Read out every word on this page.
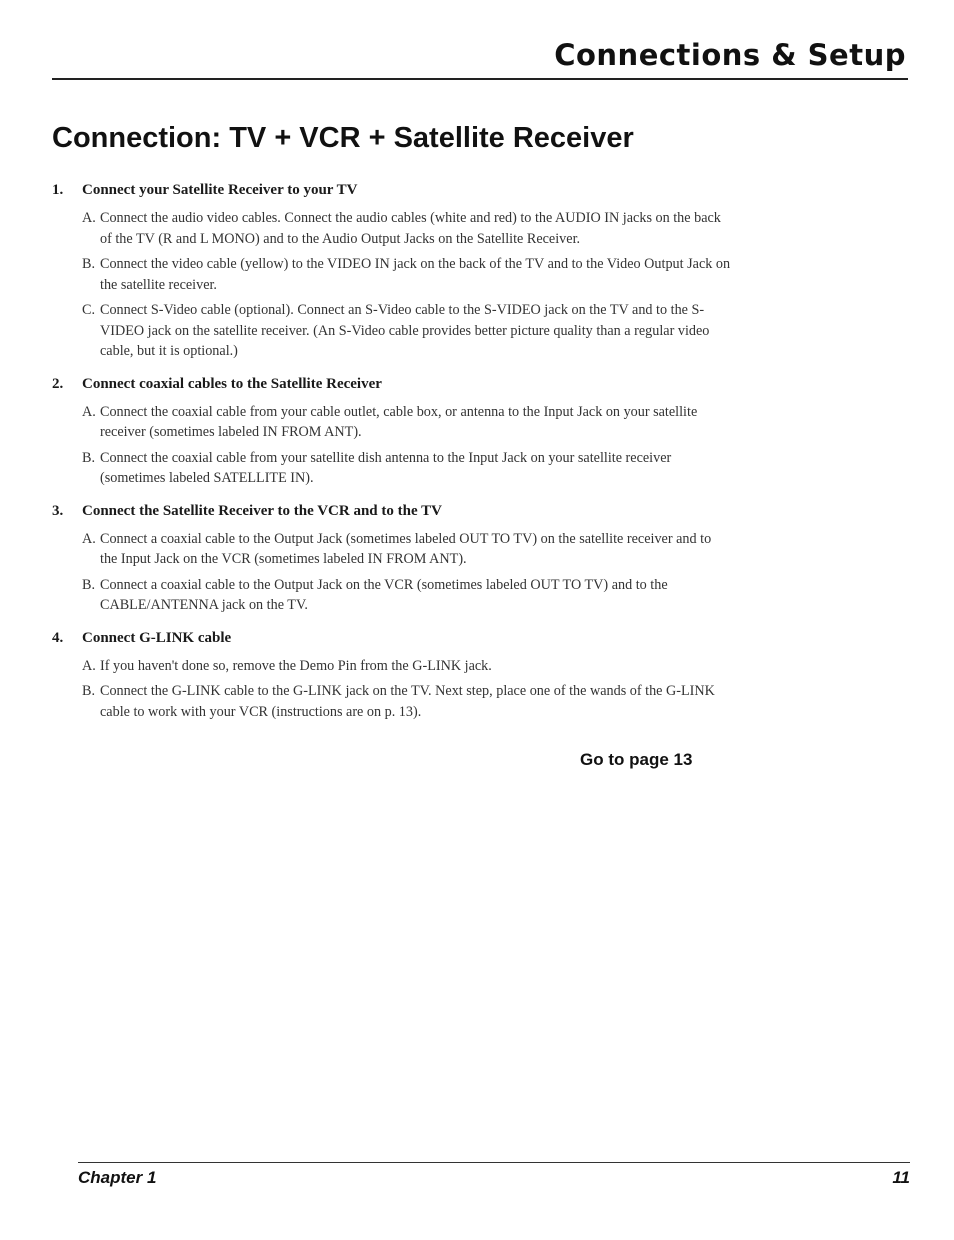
Connections & Setup
Connection: TV + VCR + Satellite Receiver
1.	Connect your Satellite Receiver to your TV
A. Connect the audio video cables. Connect the audio cables (white and red) to the AUDIO IN jacks on the back of the TV (R and L MONO) and to the Audio Output Jacks on the Satellite Receiver.
B. Connect the video cable (yellow) to the VIDEO IN jack on the back of the TV and to the Video Output Jack on the satellite receiver.
C. Connect S-Video cable (optional). Connect an S-Video cable to the S-VIDEO jack on the TV and to the S-VIDEO jack on the satellite receiver. (An S-Video cable provides better picture quality than a regular video cable, but it is optional.)
2.	Connect coaxial cables to the Satellite Receiver
A. Connect the coaxial cable from your cable outlet, cable box, or antenna to the Input Jack on your satellite receiver (sometimes labeled IN FROM ANT).
B. Connect the coaxial cable from your satellite dish antenna to the Input Jack on your satellite receiver (sometimes labeled SATELLITE IN).
3.	Connect the Satellite Receiver to the VCR and to the TV
A. Connect a coaxial cable to the Output Jack (sometimes labeled OUT TO TV) on the satellite receiver and to the Input Jack on the VCR (sometimes labeled IN FROM ANT).
B. Connect a coaxial cable to the Output Jack on the VCR (sometimes labeled OUT TO TV) and to the CABLE/ANTENNA jack on the TV.
4.	Connect G-LINK cable
A. If you haven't done so, remove the Demo Pin from the G-LINK jack.
B. Connect the G-LINK cable to the G-LINK jack on the TV. Next step, place one of the wands of the G-LINK cable to work with your VCR (instructions are on p. 13).
Go to page 13
Chapter 1	11
